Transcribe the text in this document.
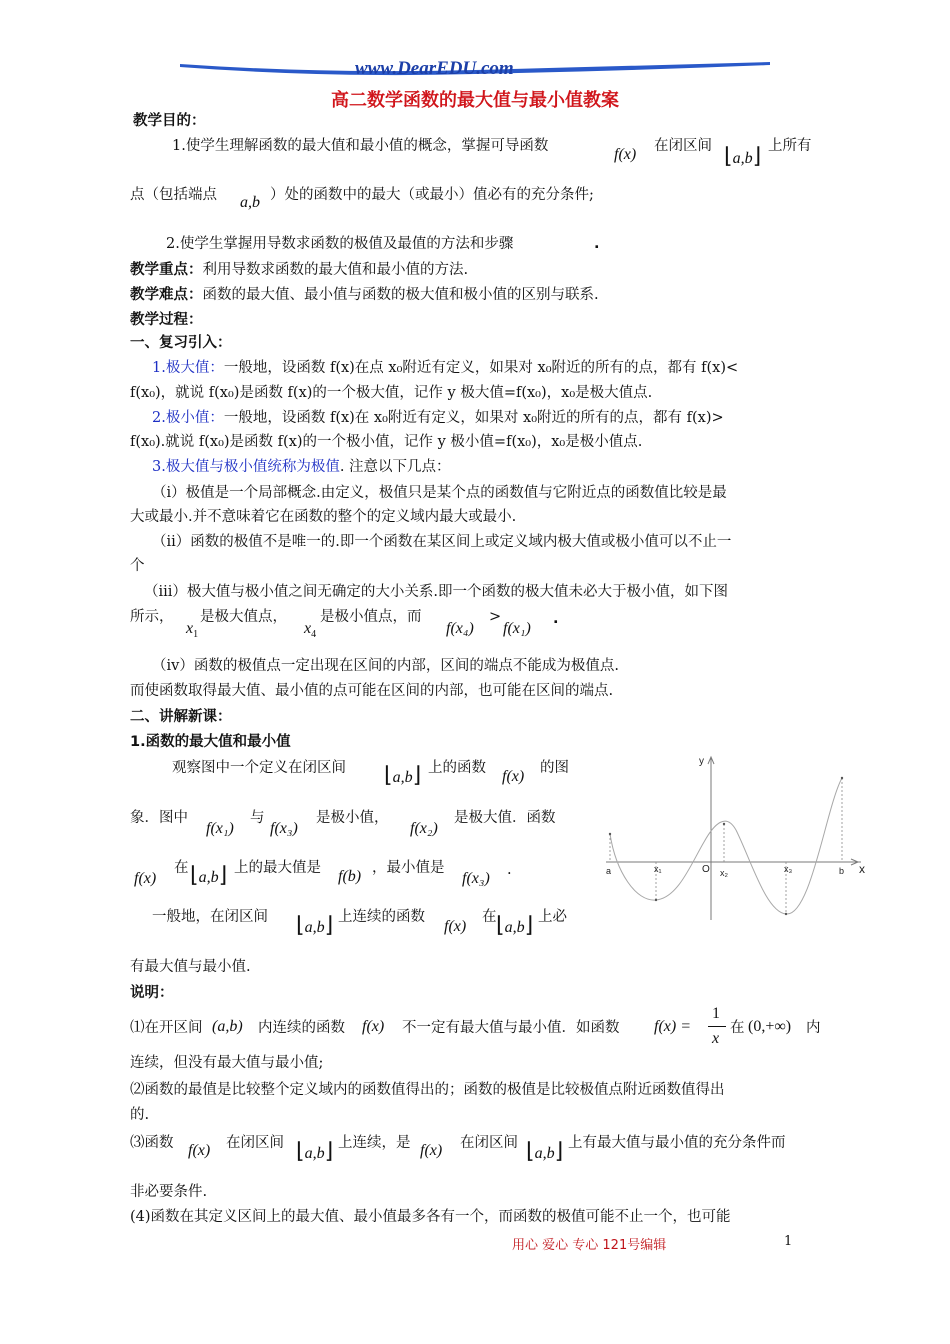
www.DearEDU.com
高二数学函数的最大值与最小值教案
教学目的：
1.使学生理解函数的最大值和最小值的概念，掌握可导函数	f(x) 在闭区间 ⌊a,b⌋ 上所有
点（包括端点 a,b ）处的函数中的最大（或最小）值必有的充分条件;
2.使学生掌握用导数求函数的极值及最值的方法和步骤	.
教学重点：利用导数求函数的最大值和最小值的方法.
教学难点：函数的最大值、最小值与函数的极大值和极小值的区别与联系.
教学过程：
一、复习引入：
1.极大值：一般地，设函数 f(x)在点 x₀附近有定义，如果对 x₀附近的所有的点，都有 f(x)<
f(x₀)，就说 f(x₀)是函数 f(x)的一个极大值，记作 y 极大值=f(x₀)，x₀是极大值点.
2.极小值：一般地，设函数 f(x)在 x₀附近有定义，如果对 x₀附近的所有的点，都有 f(x)>
f(x₀).就说 f(x₀)是函数 f(x)的一个极小值，记作 y 极小值=f(x₀)，x₀是极小值点.
3.极大值与极小值统称为极值. 注意以下几点：
（ⅰ）极值是一个局部概念.由定义，极值只是某个点的函数值与它附近点的函数值比较是最
大或最小.并不意味着它在函数的整个的定义域内最大或最小.
（ⅱ）函数的极值不是唯一的.即一个函数在某区间上或定义域内极大值或极小值可以不止一
个
（ⅲ）极大值与极小值之间无确定的大小关系.即一个函数的极大值未必大于极小值，如下图
所示，
$x_1$
是极大值点，
$x_4$
是极小值点，而
f(x₄)
>
f(x₁)
.
（ⅳ）函数的极值点一定出现在区间的内部，区间的端点不能成为极值点.
而使函数取得最大值、最小值的点可能在区间的内部，也可能在区间的端点.
二、讲解新课：
1.函数的最大值和最小值
观察图中一个定义在闭区间 ⌊a,b⌋ 上的函数 f(x) 的图
象．图中
f(x₁)
与
f(x₃)
是极小值，
f(x₂)
是极大值．函数
f(x)
在 ⌊a,b⌋ 上的最大值是 f(b) ，最小值是
f(x₃) .
一般地，在闭区间 ⌊a,b⌋ 上连续的函数
f(x)
在 ⌊a,b⌋ 上必
有最大值与最小值.
y
x
a	x₁	O x₂	x₃	b
说明：
⑴在开区间 (a,b) 内连续的函数 f(x) 不一定有最大值与最小值．如函数 f(x) =
1
x
在 (0,+∞) 内
连续，但没有最大值与最小值;
⑵函数的最值是比较整个定义域内的函数值得出的；函数的极值是比较极值点附近函数值得出
的.
⑶函数 f(x) 在闭区间 ⌊a,b⌋ 上连续，是 f(x) 在闭区间 ⌊a,b⌋ 上有最大值与最小值的充分条件而
非必要条件.
(4)函数在其定义区间上的最大值、最小值最多各有一个，而函数的极值可能不止一个，也可能
用心 爱心 专心 121号编辑	1
